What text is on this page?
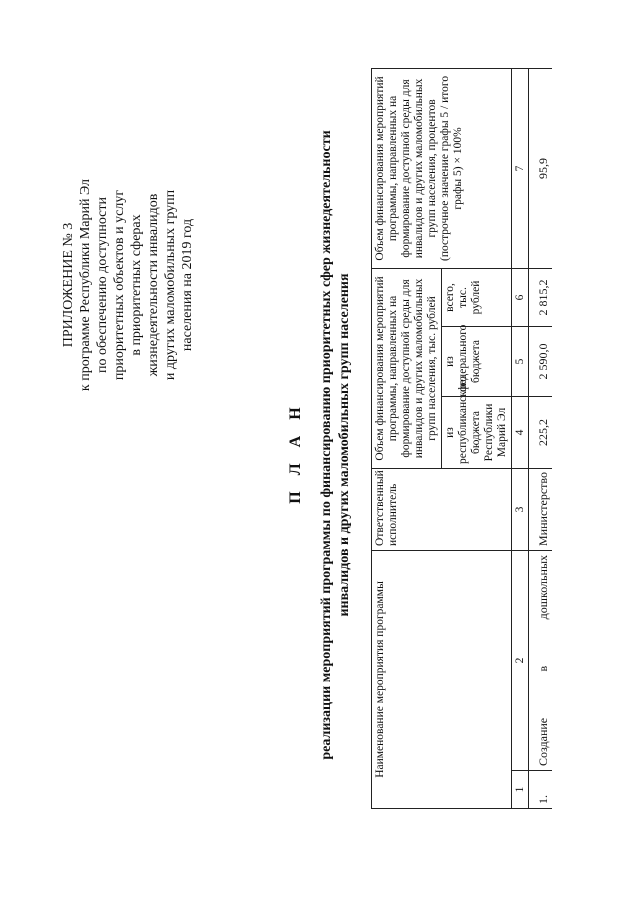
ПРИЛОЖЕНИЕ № 3 к программе Республики Марий Эл по обеспечению доступности приоритетных объектов и услуг в приоритетных сферах жизнедеятельности инвалидов и других маломобильных групп населения на 2019 год
П Л А Н реализации мероприятий программы по финансированию приоритетных сфер жизнедеятельности инвалидов и других маломобильных групп населения
Наименование мероприятия программы		Ответственный исполнитель	Объем финансирования мероприятий программы, направленных на формирование доступной среды для инвалидов и других маломобильных групп населения, тыс. рублей			Объем финансирования мероприятий программы, направленных на формирование доступной среды для инвалидов и других маломобильных групп населения, процентов (построчное значение графы 5 / итого графы 5) × 100%
			из республиканского бюджета Республики Марий Эл	из федерального бюджета	всего, тыс. рублей	
1	2	3	4	5	6	7
1.	Создание в дошкольных	Министерство	225,2	2 590,0	2 815,2	95,9
